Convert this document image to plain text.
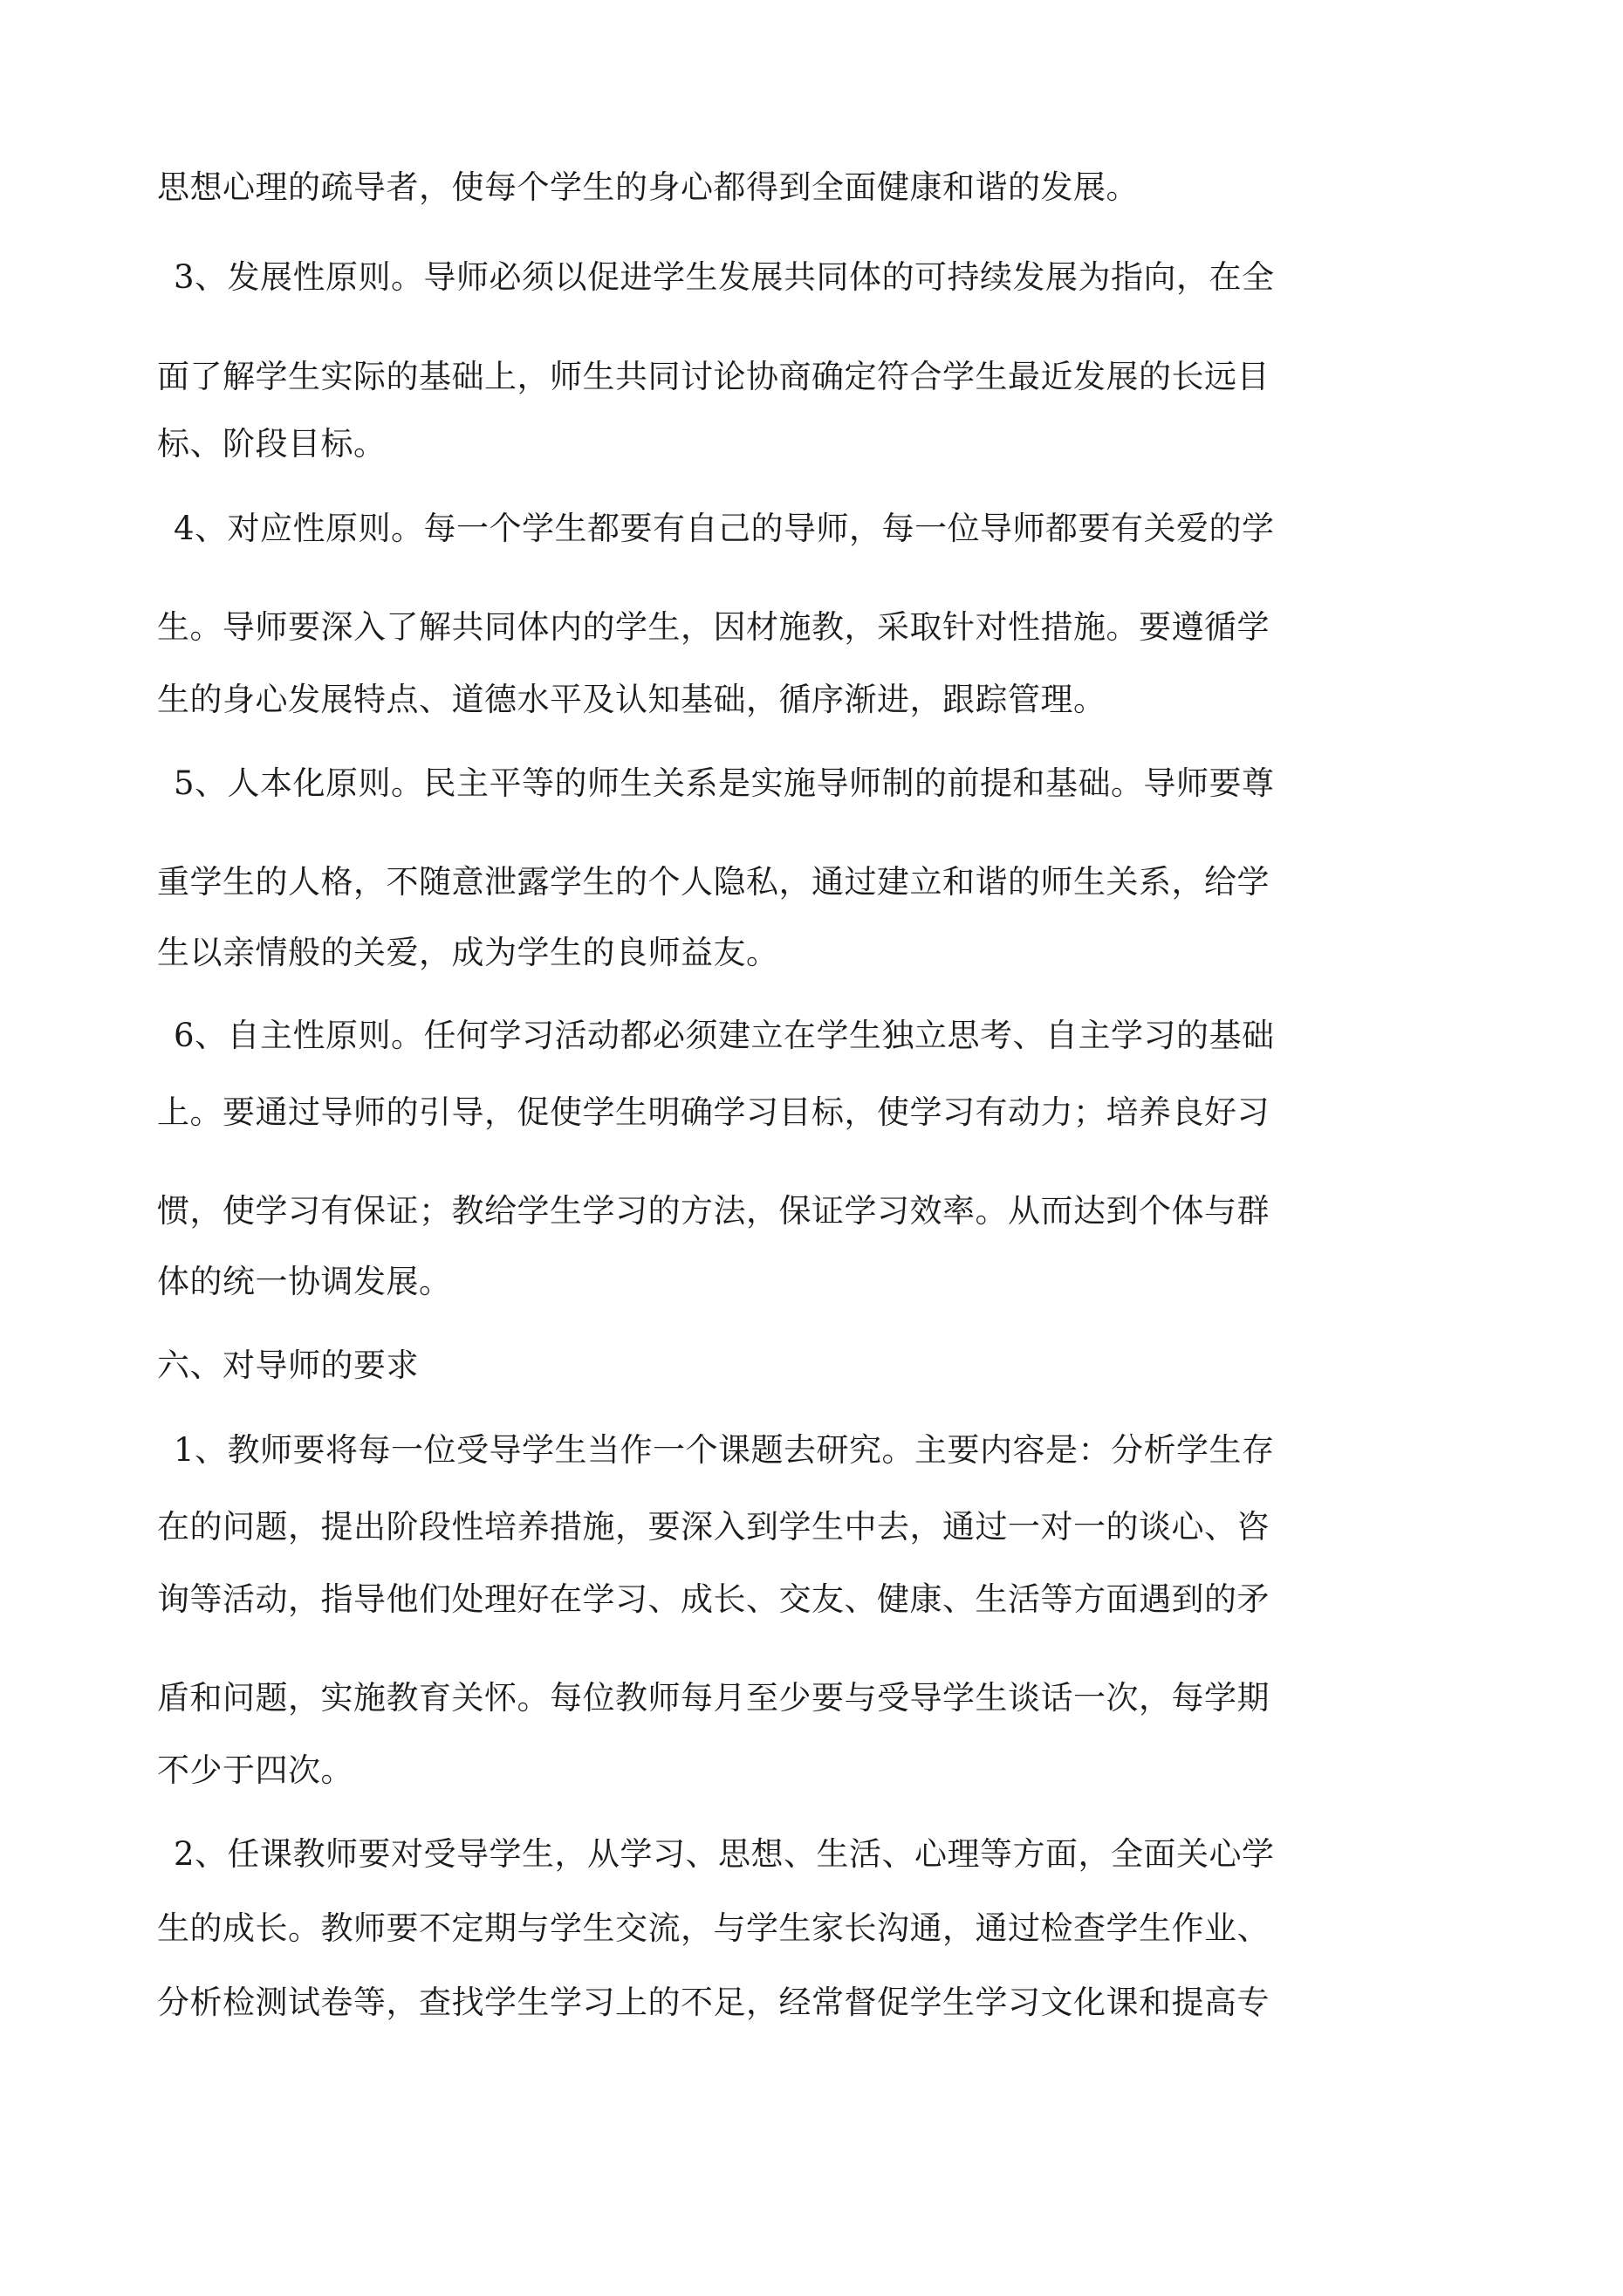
思想心理的疏导者，使每个学生的身心都得到全面健康和谐的发展。
3、发展性原则。导师必须以促进学生发展共同体的可持续发展为指向，在全
面了解学生实际的基础上，师生共同讨论协商确定符合学生最近发展的长远目
标、阶段目标。
4、对应性原则。每一个学生都要有自己的导师，每一位导师都要有关爱的学
生。导师要深入了解共同体内的学生，因材施教，采取针对性措施。要遵循学
生的身心发展特点、道德水平及认知基础，循序渐进，跟踪管理。
5、人本化原则。民主平等的师生关系是实施导师制的前提和基础。导师要尊
重学生的人格，不随意泄露学生的个人隐私，通过建立和谐的师生关系，给学
生以亲情般的关爱，成为学生的良师益友。
6、自主性原则。任何学习活动都必须建立在学生独立思考、自主学习的基础
上。要通过导师的引导，促使学生明确学习目标，使学习有动力；培养良好习
惯，使学习有保证；教给学生学习的方法，保证学习效率。从而达到个体与群
体的统一协调发展。
六、对导师的要求
1、教师要将每一位受导学生当作一个课题去研究。主要内容是：分析学生存
在的问题，提出阶段性培养措施，要深入到学生中去，通过一对一的谈心、咨
询等活动，指导他们处理好在学习、成长、交友、健康、生活等方面遇到的矛
盾和问题，实施教育关怀。每位教师每月至少要与受导学生谈话一次，每学期
不少于四次。
2、任课教师要对受导学生，从学习、思想、生活、心理等方面，全面关心学
生的成长。教师要不定期与学生交流，与学生家长沟通，通过检查学生作业、
分析检测试卷等，查找学生学习上的不足，经常督促学生学习文化课和提高专
